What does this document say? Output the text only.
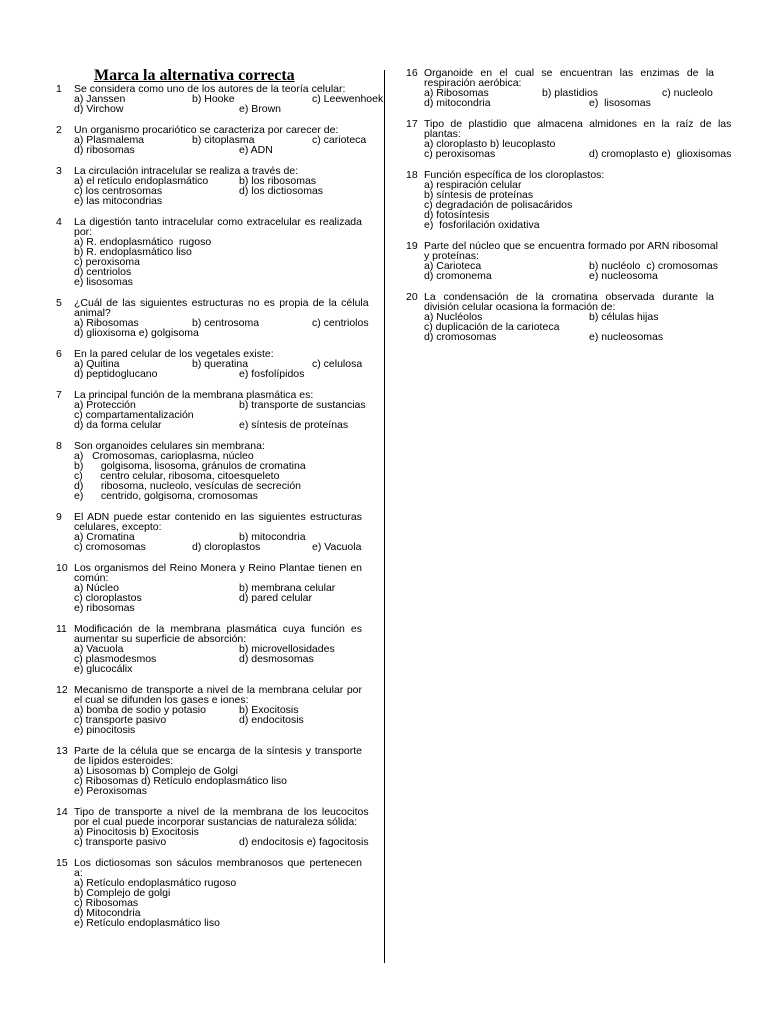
Marca la alternativa correcta
1	Se considera como uno de los autores de la teoría celular:
a) Janssen	b) Hooke	c) Leewenhoek
d) Virchow	e) Brown
2	Un organismo procariótico se caracteriza por carecer de:
a) Plasmalema	b) citoplasma	c) carioteca
d) ribosomas	e) ADN
3	La circulación intracelular se realiza a través de:
a) el retículo endoplasmático	b) los ribosomas
c) los centrosomas	d) los dictiosomas
e) las mitocondrias
4	La digestión tanto intracelular como extracelular es realizada por:
a) R. endoplasmático  rugoso
b) R. endoplasmático liso
c) peroxisoma
d) centriolos
e) lisosomas
5	¿Cuál de las siguientes estructuras no es propia de la célula animal?
a) Ribosomas	b) centrosoma	c) centriolos
d) glioxisoma e) golgisoma
6	En la pared celular de los vegetales existe:
a) Quitina	b) queratina	c) celulosa
d) peptidoglucano	e) fosfolípidos
7	La principal función de la membrana plasmática es:
a) Protección	b) transporte de sustancias
c) compartamentalización
d) da forma celular	e) síntesis de proteínas
8	Son organoides celulares sin membrana:
a)   Cromosomas, carioplasma, núcleo
b)      golgisoma, lisosoma, gránulos de cromatina
c)      centro celular, ribosoma, citoesqueleto
d)      ribosoma, nucleolo, vesículas de secreción
e)      centrido, golgisoma, cromosomas
9	El ADN puede estar contenido en las siguientes estructuras celulares, excepto:
a) Cromatina	b) mitocondria
c) cromosomas	d) cloroplastos	e) Vacuola
10 Los organismos del Reino Monera y Reino Plantae tienen en común:
a) Núcleo	b) membrana celular
c) cloroplastos	d) pared celular
e) ribosomas
11 Modificación de la membrana plasmática cuya función es aumentar su superficie de absorción:
a) Vacuola	b) microvellosidades
c) plasmodesmos	d) desmosomas
e) glucocálix
12 Mecanismo de transporte a nivel de la membrana celular por el cual se difunden los gases e iones:
a) bomba de sodio y potasio	b) Exocitosis
c) transporte pasivo	d) endocitosis
e) pinocitosis
13 Parte de la célula que se encarga de la síntesis y transporte de lípidos esteroides:
a) Lisosomas b) Complejo de Golgi
c) Ribosomas d) Retículo endoplasmático liso
e) Peroxisomas
14 Tipo de transporte a nivel de la membrana de los leucocitos por el cual puede incorporar sustancias de naturaleza sólida:
a) Pinocitosis b) Exocitosis
c) transporte pasivo	d) endocitosis e) fagocitosis
15 Los dictiosomas son sáculos membranosos que pertenecen a:
a) Retículo endoplasmático rugoso
b) Complejo de golgi
c) Ribosomas
d) Mitocondria
e) Retículo endoplasmático liso
16 Organoide en el cual se encuentran las enzimas de la respiración aeróbica:
a) Ribosomas	b) plastidios	c) nucleolo
d) mitocondria	e)  lisosomas
17 Tipo de plastidio que almacena almidones en la raíz de las plantas:
a) cloroplasto b) leucoplasto
c) peroxisomas	d) cromoplasto e)  glioxisomas
18 Función específica de los cloroplastos:
a) respiración celular
b) síntesis de proteínas
c) degradación de polisacáridos
d) fotosíntesis
e)  fosforilación oxidativa
19 Parte del núcleo que se encuentra formado por ARN ribosomal y proteínas:
a) Carioteca	b) nucléolo  c) cromosomas
d) cromonema	e) nucleosoma
20 La condensación de la cromatina observada durante la división celular ocasiona la formación de:
a) Nucléolos	b) células hijas
c) duplicación de la carioteca
d) cromosomas	e) nucleosomas
